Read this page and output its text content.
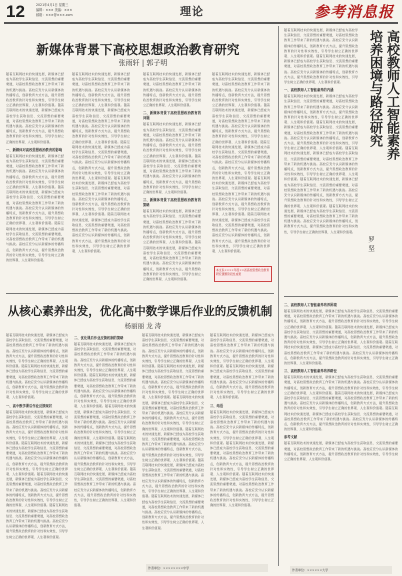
12	2021年4月1日 星期三
编辑：××× 美编：×××
邮箱：×××@×××.com	理论	参考消息报
新媒体背景下高校思想政治教育研究
张雨轩 | 郭子明
随着互联网技术的快速发展，新媒体已经成为高校学生获取信息、交流思想的重要渠道，对高校思想政治教育工作带来了新的机遇与挑战。高校应充分认识新媒体的传播特点，创新教育方式方法，提升思想政治教育的针对性和实效性，引导学生树立正确的世界观、人生观和价值观。随着互联网技术的快速发展，新媒体已经成为高校学生获取信息、交流思想的重要渠道，对高校思想政治教育工作带来了新的机遇与挑战。高校应充分认识新媒体的传播特点，创新教育方式方法，提升思想政治教育的针对性和实效性，引导学生树立正确的世界观、人生观和价值观。
一、新媒体对高校思想政治教育的影响
随着互联网技术的快速发展，新媒体已经成为高校学生获取信息、交流思想的重要渠道，对高校思想政治教育工作带来了新的机遇与挑战。高校应充分认识新媒体的传播特点，创新教育方式方法，提升思想政治教育的针对性和实效性，引导学生树立正确的世界观、人生观和价值观。随着互联网技术的快速发展，新媒体已经成为高校学生获取信息、交流思想的重要渠道，对高校思想政治教育工作带来了新的机遇与挑战。高校应充分认识新媒体的传播特点，创新教育方式方法，提升思想政治教育的针对性和实效性，引导学生树立正确的世界观、人生观和价值观。随着互联网技术的快速发展，新媒体已经成为高校学生获取信息、交流思想的重要渠道，对高校思想政治教育工作带来了新的机遇与挑战。高校应充分认识新媒体的传播特点，创新教育方式方法，提升思想政治教育的针对性和实效性，引导学生树立正确的世界观、人生观和价值观。
随着互联网技术的快速发展，新媒体已经成为高校学生获取信息、交流思想的重要渠道，对高校思想政治教育工作带来了新的机遇与挑战。高校应充分认识新媒体的传播特点，创新教育方式方法，提升思想政治教育的针对性和实效性，引导学生树立正确的世界观、人生观和价值观。随着互联网技术的快速发展，新媒体已经成为高校学生获取信息、交流思想的重要渠道，对高校思想政治教育工作带来了新的机遇与挑战。高校应充分认识新媒体的传播特点，创新教育方式方法，提升思想政治教育的针对性和实效性，引导学生树立正确的世界观、人生观和价值观。随着互联网技术的快速发展，新媒体已经成为高校学生获取信息、交流思想的重要渠道，对高校思想政治教育工作带来了新的机遇与挑战。高校应充分认识新媒体的传播特点，创新教育方式方法，提升思想政治教育的针对性和实效性，引导学生树立正确的世界观、人生观和价值观。随着互联网技术的快速发展，新媒体已经成为高校学生获取信息、交流思想的重要渠道，对高校思想政治教育工作带来了新的机遇与挑战。高校应充分认识新媒体的传播特点，创新教育方式方法，提升思想政治教育的针对性和实效性，引导学生树立正确的世界观、人生观和价值观。随着互联网技术的快速发展，新媒体已经成为高校学生获取信息、交流思想的重要渠道，对高校思想政治教育工作带来了新的机遇与挑战。高校应充分认识新媒体的传播特点，创新教育方式方法，提升思想政治教育的针对性和实效性，引导学生树立正确的世界观、人生观和价值观。
随着互联网技术的快速发展，新媒体已经成为高校学生获取信息、交流思想的重要渠道，对高校思想政治教育工作带来了新的机遇与挑战。高校应充分认识新媒体的传播特点，创新教育方式方法，提升思想政治教育的针对性和实效性，引导学生树立正确的世界观、人生观和价值观。
二、新媒体背景下高校思想政治教育的问题
随着互联网技术的快速发展，新媒体已经成为高校学生获取信息、交流思想的重要渠道，对高校思想政治教育工作带来了新的机遇与挑战。高校应充分认识新媒体的传播特点，创新教育方式方法，提升思想政治教育的针对性和实效性，引导学生树立正确的世界观、人生观和价值观。随着互联网技术的快速发展，新媒体已经成为高校学生获取信息、交流思想的重要渠道，对高校思想政治教育工作带来了新的机遇与挑战。高校应充分认识新媒体的传播特点，创新教育方式方法，提升思想政治教育的针对性和实效性，引导学生树立正确的世界观、人生观和价值观。
三、新媒体背景下高校思想政治教育的策略
随着互联网技术的快速发展，新媒体已经成为高校学生获取信息、交流思想的重要渠道，对高校思想政治教育工作带来了新的机遇与挑战。高校应充分认识新媒体的传播特点，创新教育方式方法，提升思想政治教育的针对性和实效性，引导学生树立正确的世界观、人生观和价值观。随着互联网技术的快速发展，新媒体已经成为高校学生获取信息、交流思想的重要渠道，对高校思想政治教育工作带来了新的机遇与挑战。高校应充分认识新媒体的传播特点，创新教育方式方法，提升思想政治教育的针对性和实效性，引导学生树立正确的世界观、人生观和价值观。
随着互联网技术的快速发展，新媒体已经成为高校学生获取信息、交流思想的重要渠道，对高校思想政治教育工作带来了新的机遇与挑战。高校应充分认识新媒体的传播特点，创新教育方式方法，提升思想政治教育的针对性和实效性，引导学生树立正确的世界观、人生观和价值观。随着互联网技术的快速发展，新媒体已经成为高校学生获取信息、交流思想的重要渠道，对高校思想政治教育工作带来了新的机遇与挑战。高校应充分认识新媒体的传播特点，创新教育方式方法，提升思想政治教育的针对性和实效性，引导学生树立正确的世界观、人生观和价值观。随着互联网技术的快速发展，新媒体已经成为高校学生获取信息、交流思想的重要渠道，对高校思想政治教育工作带来了新的机遇与挑战。高校应充分认识新媒体的传播特点，创新教育方式方法，提升思想政治教育的针对性和实效性，引导学生树立正确的世界观、人生观和价值观。随着互联网技术的快速发展，新媒体已经成为高校学生获取信息、交流思想的重要渠道，对高校思想政治教育工作带来了新的机遇与挑战。高校应充分认识新媒体的传播特点，创新教育方式方法，提升思想政治教育的针对性和实效性，引导学生树立正确的世界观、人生观和价值观。随着互联网技术的快速发展，新媒体已经成为高校学生获取信息、交流思想的重要渠道，对高校思想政治教育工作带来了新的机遇与挑战。高校应充分认识新媒体的传播特点，创新教育方式方法，提升思想政治教育的针对性和实效性，引导学生树立正确的世界观、人生观和价值观。
本文系××××年度××省高校思想政治教育研究课题阶段性成果
从核心素养出发，优化高中数学课后作业的反馈机制
杨丽丽 龙 涛
随着互联网技术的快速发展，新媒体已经成为高校学生获取信息、交流思想的重要渠道，对高校思想政治教育工作带来了新的机遇与挑战。高校应充分认识新媒体的传播特点，创新教育方式方法，提升思想政治教育的针对性和实效性，引导学生树立正确的世界观、人生观和价值观。随着互联网技术的快速发展，新媒体已经成为高校学生获取信息、交流思想的重要渠道，对高校思想政治教育工作带来了新的机遇与挑战。高校应充分认识新媒体的传播特点，创新教育方式方法，提升思想政治教育的针对性和实效性，引导学生树立正确的世界观、人生观和价值观。
一、高中数学课后作业反馈现状
随着互联网技术的快速发展，新媒体已经成为高校学生获取信息、交流思想的重要渠道，对高校思想政治教育工作带来了新的机遇与挑战。高校应充分认识新媒体的传播特点，创新教育方式方法，提升思想政治教育的针对性和实效性，引导学生树立正确的世界观、人生观和价值观。随着互联网技术的快速发展，新媒体已经成为高校学生获取信息、交流思想的重要渠道，对高校思想政治教育工作带来了新的机遇与挑战。高校应充分认识新媒体的传播特点，创新教育方式方法，提升思想政治教育的针对性和实效性，引导学生树立正确的世界观、人生观和价值观。随着互联网技术的快速发展，新媒体已经成为高校学生获取信息、交流思想的重要渠道，对高校思想政治教育工作带来了新的机遇与挑战。高校应充分认识新媒体的传播特点，创新教育方式方法，提升思想政治教育的针对性和实效性，引导学生树立正确的世界观、人生观和价值观。随着互联网技术的快速发展，新媒体已经成为高校学生获取信息、交流思想的重要渠道，对高校思想政治教育工作带来了新的机遇与挑战。高校应充分认识新媒体的传播特点，创新教育方式方法，提升思想政治教育的针对性和实效性，引导学生树立正确的世界观、人生观和价值观。
二、优化课后作业反馈机制的策略
随着互联网技术的快速发展，新媒体已经成为高校学生获取信息、交流思想的重要渠道，对高校思想政治教育工作带来了新的机遇与挑战。高校应充分认识新媒体的传播特点，创新教育方式方法，提升思想政治教育的针对性和实效性，引导学生树立正确的世界观、人生观和价值观。随着互联网技术的快速发展，新媒体已经成为高校学生获取信息、交流思想的重要渠道，对高校思想政治教育工作带来了新的机遇与挑战。高校应充分认识新媒体的传播特点，创新教育方式方法，提升思想政治教育的针对性和实效性，引导学生树立正确的世界观、人生观和价值观。随着互联网技术的快速发展，新媒体已经成为高校学生获取信息、交流思想的重要渠道，对高校思想政治教育工作带来了新的机遇与挑战。高校应充分认识新媒体的传播特点，创新教育方式方法，提升思想政治教育的针对性和实效性，引导学生树立正确的世界观、人生观和价值观。随着互联网技术的快速发展，新媒体已经成为高校学生获取信息、交流思想的重要渠道，对高校思想政治教育工作带来了新的机遇与挑战。高校应充分认识新媒体的传播特点，创新教育方式方法，提升思想政治教育的针对性和实效性，引导学生树立正确的世界观、人生观和价值观。随着互联网技术的快速发展，新媒体已经成为高校学生获取信息、交流思想的重要渠道，对高校思想政治教育工作带来了新的机遇与挑战。高校应充分认识新媒体的传播特点，创新教育方式方法，提升思想政治教育的针对性和实效性，引导学生树立正确的世界观、人生观和价值观。
随着互联网技术的快速发展，新媒体已经成为高校学生获取信息、交流思想的重要渠道，对高校思想政治教育工作带来了新的机遇与挑战。高校应充分认识新媒体的传播特点，创新教育方式方法，提升思想政治教育的针对性和实效性，引导学生树立正确的世界观、人生观和价值观。随着互联网技术的快速发展，新媒体已经成为高校学生获取信息、交流思想的重要渠道，对高校思想政治教育工作带来了新的机遇与挑战。高校应充分认识新媒体的传播特点，创新教育方式方法，提升思想政治教育的针对性和实效性，引导学生树立正确的世界观、人生观和价值观。随着互联网技术的快速发展，新媒体已经成为高校学生获取信息、交流思想的重要渠道，对高校思想政治教育工作带来了新的机遇与挑战。高校应充分认识新媒体的传播特点，创新教育方式方法，提升思想政治教育的针对性和实效性，引导学生树立正确的世界观、人生观和价值观。随着互联网技术的快速发展，新媒体已经成为高校学生获取信息、交流思想的重要渠道，对高校思想政治教育工作带来了新的机遇与挑战。高校应充分认识新媒体的传播特点，创新教育方式方法，提升思想政治教育的针对性和实效性，引导学生树立正确的世界观、人生观和价值观。随着互联网技术的快速发展，新媒体已经成为高校学生获取信息、交流思想的重要渠道，对高校思想政治教育工作带来了新的机遇与挑战。高校应充分认识新媒体的传播特点，创新教育方式方法，提升思想政治教育的针对性和实效性，引导学生树立正确的世界观、人生观和价值观。随着互联网技术的快速发展，新媒体已经成为高校学生获取信息、交流思想的重要渠道，对高校思想政治教育工作带来了新的机遇与挑战。高校应充分认识新媒体的传播特点，创新教育方式方法，提升思想政治教育的针对性和实效性，引导学生树立正确的世界观、人生观和价值观。
随着互联网技术的快速发展，新媒体已经成为高校学生获取信息、交流思想的重要渠道，对高校思想政治教育工作带来了新的机遇与挑战。高校应充分认识新媒体的传播特点，创新教育方式方法，提升思想政治教育的针对性和实效性，引导学生树立正确的世界观、人生观和价值观。随着互联网技术的快速发展，新媒体已经成为高校学生获取信息、交流思想的重要渠道，对高校思想政治教育工作带来了新的机遇与挑战。高校应充分认识新媒体的传播特点，创新教育方式方法，提升思想政治教育的针对性和实效性，引导学生树立正确的世界观、人生观和价值观。
三、结语
随着互联网技术的快速发展，新媒体已经成为高校学生获取信息、交流思想的重要渠道，对高校思想政治教育工作带来了新的机遇与挑战。高校应充分认识新媒体的传播特点，创新教育方式方法，提升思想政治教育的针对性和实效性，引导学生树立正确的世界观、人生观和价值观。随着互联网技术的快速发展，新媒体已经成为高校学生获取信息、交流思想的重要渠道，对高校思想政治教育工作带来了新的机遇与挑战。高校应充分认识新媒体的传播特点，创新教育方式方法，提升思想政治教育的针对性和实效性，引导学生树立正确的世界观、人生观和价值观。随着互联网技术的快速发展，新媒体已经成为高校学生获取信息、交流思想的重要渠道，对高校思想政治教育工作带来了新的机遇与挑战。高校应充分认识新媒体的传播特点，创新教育方式方法，提升思想政治教育的针对性和实效性，引导学生树立正确的世界观、人生观和价值观。
作者单位：××××××××中学
高校教师人工智能素养
培养困境与路径研究
罗 坚
随着互联网技术的快速发展，新媒体已经成为高校学生获取信息、交流思想的重要渠道，对高校思想政治教育工作带来了新的机遇与挑战。高校应充分认识新媒体的传播特点，创新教育方式方法，提升思想政治教育的针对性和实效性，引导学生树立正确的世界观、人生观和价值观。随着互联网技术的快速发展，新媒体已经成为高校学生获取信息、交流思想的重要渠道，对高校思想政治教育工作带来了新的机遇与挑战。高校应充分认识新媒体的传播特点，创新教育方式方法，提升思想政治教育的针对性和实效性，引导学生树立正确的世界观、人生观和价值观。
一、高校教师人工智能素养的内涵
随着互联网技术的快速发展，新媒体已经成为高校学生获取信息、交流思想的重要渠道，对高校思想政治教育工作带来了新的机遇与挑战。高校应充分认识新媒体的传播特点，创新教育方式方法，提升思想政治教育的针对性和实效性，引导学生树立正确的世界观、人生观和价值观。随着互联网技术的快速发展，新媒体已经成为高校学生获取信息、交流思想的重要渠道，对高校思想政治教育工作带来了新的机遇与挑战。高校应充分认识新媒体的传播特点，创新教育方式方法，提升思想政治教育的针对性和实效性，引导学生树立正确的世界观、人生观和价值观。随着互联网技术的快速发展，新媒体已经成为高校学生获取信息、交流思想的重要渠道，对高校思想政治教育工作带来了新的机遇与挑战。高校应充分认识新媒体的传播特点，创新教育方式方法，提升思想政治教育的针对性和实效性，引导学生树立正确的世界观、人生观和价值观。随着互联网技术的快速发展，新媒体已经成为高校学生获取信息、交流思想的重要渠道，对高校思想政治教育工作带来了新的机遇与挑战。高校应充分认识新媒体的传播特点，创新教育方式方法，提升思想政治教育的针对性和实效性，引导学生树立正确的世界观、人生观和价值观。随着互联网技术的快速发展，新媒体已经成为高校学生获取信息、交流思想的重要渠道，对高校思想政治教育工作带来了新的机遇与挑战。高校应充分认识新媒体的传播特点，创新教育方式方法，提升思想政治教育的针对性和实效性，引导学生树立正确的世界观、人生观和价值观。
二、高校教师人工智能素养培养困境
随着互联网技术的快速发展，新媒体已经成为高校学生获取信息、交流思想的重要渠道，对高校思想政治教育工作带来了新的机遇与挑战。高校应充分认识新媒体的传播特点，创新教育方式方法，提升思想政治教育的针对性和实效性，引导学生树立正确的世界观、人生观和价值观。随着互联网技术的快速发展，新媒体已经成为高校学生获取信息、交流思想的重要渠道，对高校思想政治教育工作带来了新的机遇与挑战。高校应充分认识新媒体的传播特点，创新教育方式方法，提升思想政治教育的针对性和实效性，引导学生树立正确的世界观、人生观和价值观。随着互联网技术的快速发展，新媒体已经成为高校学生获取信息、交流思想的重要渠道，对高校思想政治教育工作带来了新的机遇与挑战。高校应充分认识新媒体的传播特点，创新教育方式方法，提升思想政治教育的针对性和实效性，引导学生树立正确的世界观、人生观和价值观。
三、高校教师人工智能素养培养路径
随着互联网技术的快速发展，新媒体已经成为高校学生获取信息、交流思想的重要渠道，对高校思想政治教育工作带来了新的机遇与挑战。高校应充分认识新媒体的传播特点，创新教育方式方法，提升思想政治教育的针对性和实效性，引导学生树立正确的世界观、人生观和价值观。随着互联网技术的快速发展，新媒体已经成为高校学生获取信息、交流思想的重要渠道，对高校思想政治教育工作带来了新的机遇与挑战。高校应充分认识新媒体的传播特点，创新教育方式方法，提升思想政治教育的针对性和实效性，引导学生树立正确的世界观、人生观和价值观。随着互联网技术的快速发展，新媒体已经成为高校学生获取信息、交流思想的重要渠道，对高校思想政治教育工作带来了新的机遇与挑战。高校应充分认识新媒体的传播特点，创新教育方式方法，提升思想政治教育的针对性和实效性，引导学生树立正确的世界观、人生观和价值观。
参考文献
随着互联网技术的快速发展，新媒体已经成为高校学生获取信息、交流思想的重要渠道，对高校思想政治教育工作带来了新的机遇与挑战。高校应充分认识新媒体的传播特点，创新教育方式方法，提升思想政治教育的针对性和实效性，引导学生树立正确的世界观、人生观和价值观。
作者单位：××××××大学
